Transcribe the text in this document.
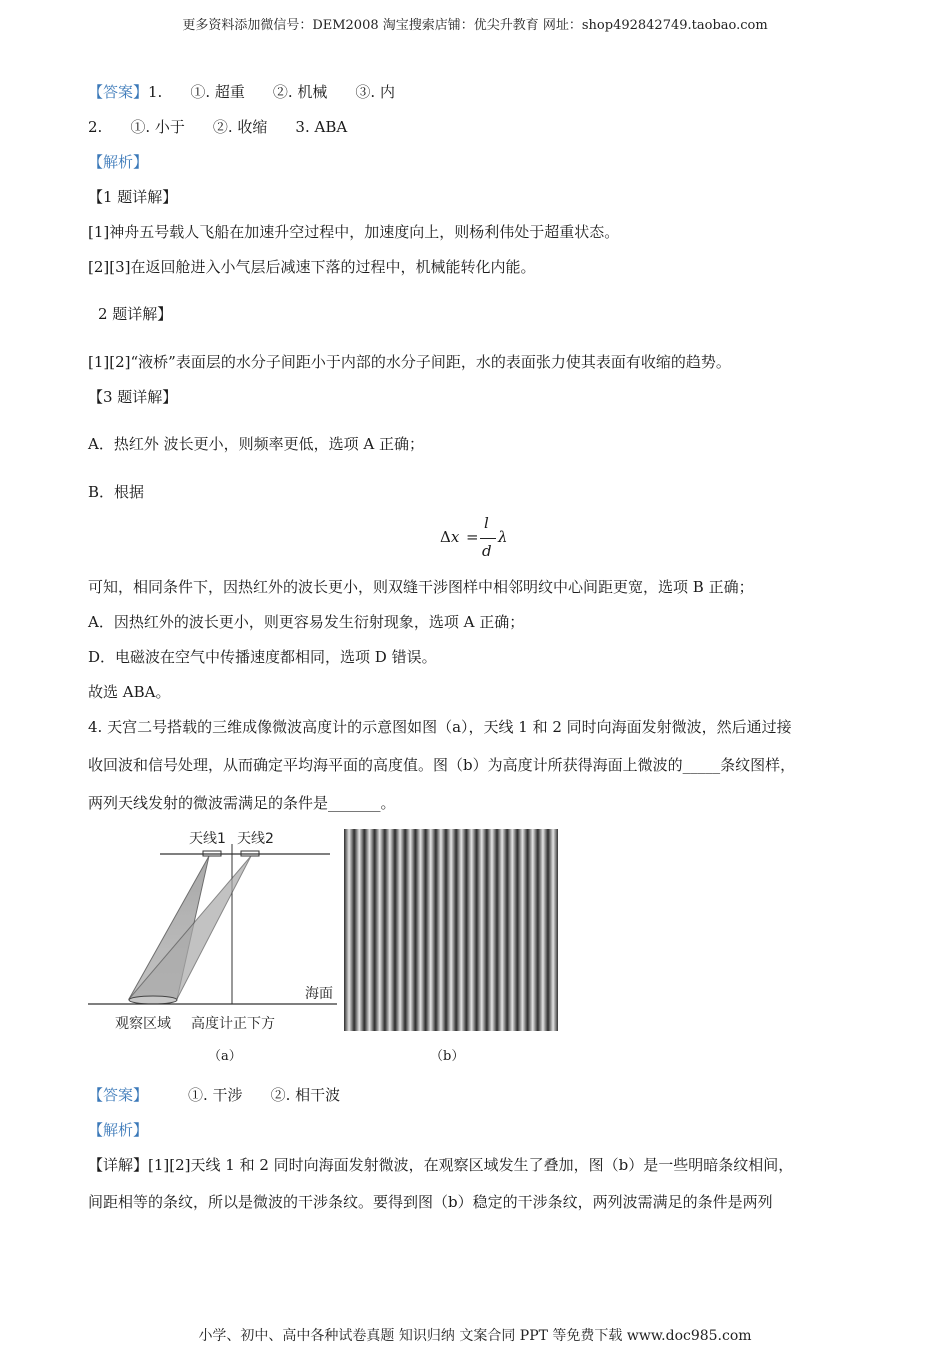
更多资料添加微信号：DEM2008 淘宝搜索店铺：优尖升教育 网址：shop492842749.taobao.com
【答案】1. ①. 超重 ②. 机械 ③. 内
2. ①. 小于 ②. 收缩 3. ABA
【解析】
【1 题详解】
[1]神舟五号载人飞船在加速升空过程中，加速度向上，则杨利伟处于超重状态。
[2][3]在返回舱进入小气层后减速下落的过程中，机械能转化内能。
2 题详解】
[1][2]“液桥”表面层的水分子间距小于内部的水分子间距，水的表面张力使其表面有收缩的趋势。
【3 题详解】
A．热红外 波长更小，则频率更低，选项 A 正确；
B．根据
Δx =
l
d
λ
可知，相同条件下，因热红外的波长更小，则双缝干涉图样中相邻明纹中心间距更宽，选项 B 正确；
A．因热红外的波长更小，则更容易发生衍射现象，选项 A 正确；
D．电磁波在空气中传播速度都相同，选项 D 错误。
故选 ABA。
4. 天宫二号搭载的三维成像微波高度计的示意图如图（a），天线 1 和 2 同时向海面发射微波，然后通过接
收回波和信号处理，从而确定平均海平面的高度值。图（b）为高度计所获得海面上微波的_____条纹图样，
两列天线发射的微波需满足的条件是_______。
天线1 天线2
海面
观察区域 高度计正下方
（a）	（b）
【答案】	①. 干涉 ②. 相干波
【解析】
【详解】[1][2]天线 1 和 2 同时向海面发射微波，在观察区域发生了叠加，图（b）是一些明暗条纹相间，
间距相等的条纹，所以是微波的干涉条纹。要得到图（b）稳定的干涉条纹，两列波需满足的条件是两列
小学、初中、高中各种试卷真题 知识归纳 文案合同 PPT 等免费下载 www.doc985.com
